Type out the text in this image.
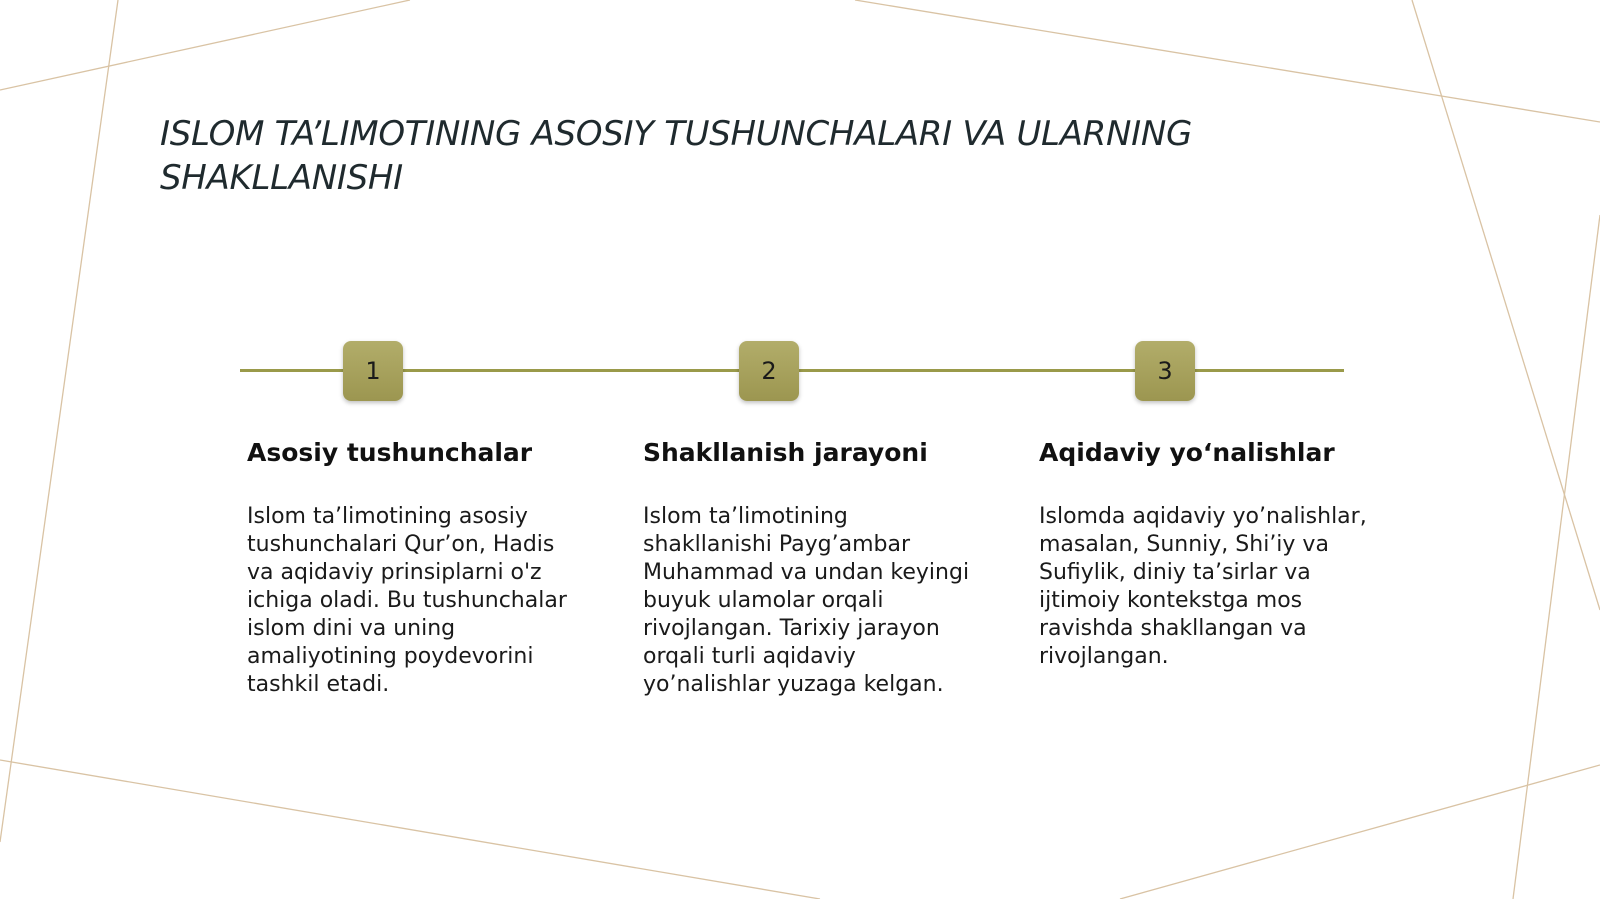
ISLOM TA’LIMOTINING ASOSIY TUSHUNCHALARI VA ULARNING SHAKLLANISHI
1	2	3
Asosiy tushunchalar

Islom ta’limotining asosiy tushunchalari Qur’on, Hadis va aqidaviy prinsiplarni o'z ichiga oladi. Bu tushunchalar islom dini va uning amaliyotining poydevorini tashkil etadi.

Shakllanish jarayoni

Islom ta’limotining shakllanishi Payg’ambar Muhammad va undan keyingi buyuk ulamolar orqali rivojlangan. Tarixiy jarayon orqali turli aqidaviy yo’nalishlar yuzaga kelgan.

Aqidaviy yo‘nalishlar

Islomda aqidaviy yo’nalishlar, masalan, Sunniy, Shi’iy va Sufiylik, diniy ta’sirlar va ijtimoiy kontekstga mos ravishda shakllangan va rivojlangan.
